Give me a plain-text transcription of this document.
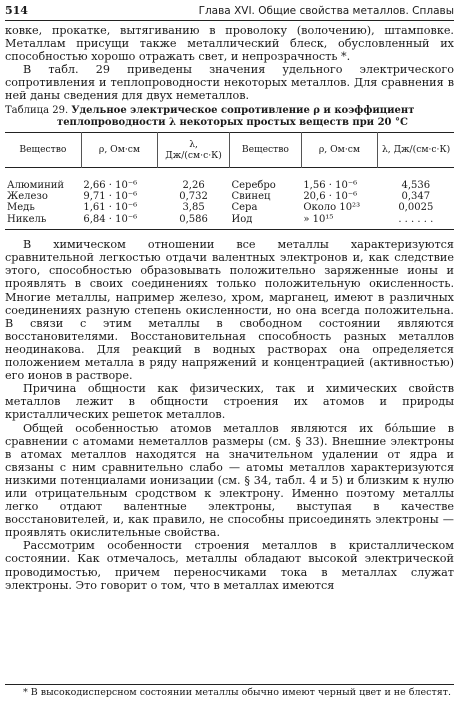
514	Глава XVI. Общие свойства металлов. Сплавы

ковке, прокатке, вытягиванию в проволоку (волочению), штамповке. Металлам присущи также металлический блеск, обусловленный их способностью хорошо отражать свет, и непрозрачность *.

В табл. 29 приведены значения удельного электрического сопротивления и теплопроводности некоторых металлов. Для сравнения в ней даны сведения для двух неметаллов.

Таблица 29. Удельное электрическое сопротивление ρ и коэффициент
теплопроводности λ некоторых простых веществ при 20 °С
Вещество	ρ, Ом·см	λ, Дж/(см·с·К)	Вещество	ρ, Ом·см	λ, Дж/(см·с·К)
Алюминий	2,66 · 10⁻⁶	2,26	Серебро	1,56 · 10⁻⁶	4,536
Железо	9,71 · 10⁻⁶	0,732	Свинец	20,6 · 10⁻⁶	0,347
Медь	1,61 · 10⁻⁶	3,85	Сера	Около 10²³	0,0025
Никель	6,84 · 10⁻⁶	0,586	Иод	» 10¹⁵	. . . . . .

В химическом отношении все металлы характеризуются сравнительной легкостью отдачи валентных электронов и, как следствие этого, способностью образовывать положительно заряженные ионы и проявлять в своих соединениях только положительную окисленность. Многие металлы, например железо, хром, марганец, имеют в различных соединениях разную степень окисленности, но она всегда положительна. В связи с этим металлы в свободном состоянии являются восстановителями. Восстановительная способность разных металлов неодинакова. Для реакций в водных растворах она определяется положением металла в ряду напряжений и концентрацией (активностью) его ионов в растворе.

Причина общности как физических, так и химических свойств металлов лежит в общности строения их атомов и природы кристаллических решеток металлов.

Общей особенностью атомов металлов являются их бо́льшие в сравнении с атомами неметаллов размеры (см. § 33). Внешние электроны в атомах металлов находятся на значительном удалении от ядра и связаны с ним сравнительно слабо — атомы металлов характеризуются низкими потенциалами ионизации (см. § 34, табл. 4 и 5) и близким к нулю или отрицательным сродством к электрону. Именно поэтому металлы легко отдают валентные электроны, выступая в качестве восстановителей, и, как правило, не способны присоединять электроны — проявлять окислительные свойства.

Рассмотрим особенности строения металлов в кристаллическом состоянии. Как отмечалось, металлы обладают высокой электрической проводимостью, причем переносчиками тока в металлах служат электроны. Это говорит о том, что в металлах имеются

* В высокодисперсном состоянии металлы обычно имеют черный цвет и не блестят.
